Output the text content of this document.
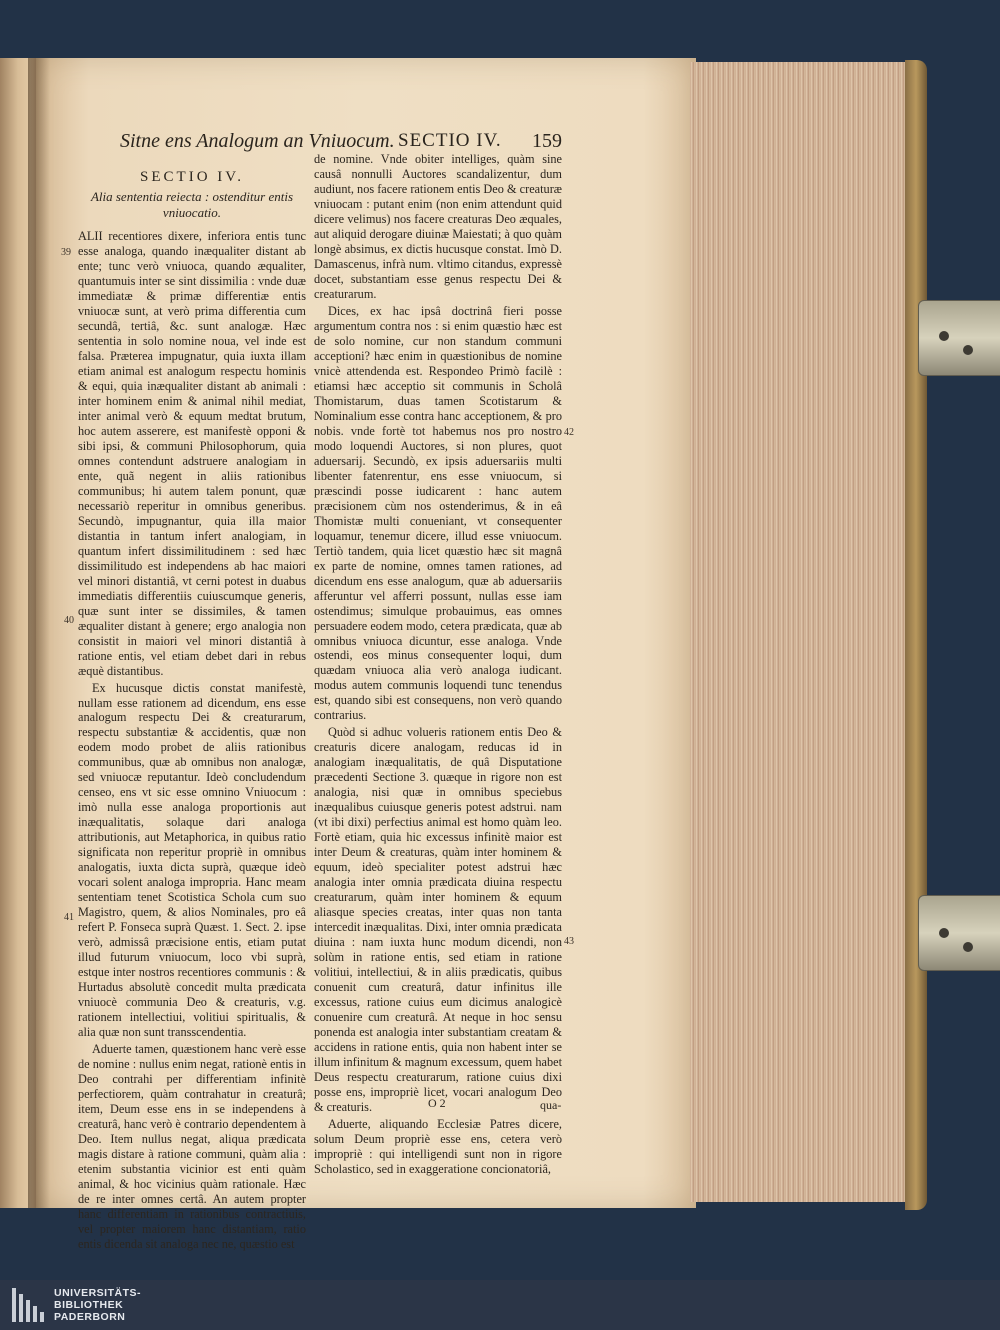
Sitne ens Analogum an Vniuocum. SECTIO IV. 159
SECTIO IV.
Alia sententia reiecta : ostenditur entis vniuocatio.

ALII recentiores dixere, inferiora entis tunc esse analoga, quando inæqualiter distant ab ente; tunc verò vniuoca, quando æqualiter, quantumuis inter se sint dissimilia : vnde duæ immediatæ & primæ differentiæ entis vniuocæ sunt, at verò prima differentia cum secundâ, tertiâ, &c. sunt analogæ. Hæc sententia in solo nomine noua, vel inde est falsa. Præterea impugnatur, quia iuxta illam etiam animal est analogum respectu hominis & equi, quia inæqualiter distant ab animali : inter hominem enim & animal nihil mediat, inter animal verò & equum medtat brutum, hoc autem asserere, est manifestè opponi & sibi ipsi, & communi Philosophorum, quia omnes contendunt adstruere analogiam in ente, quã negent in aliis rationibus communibus; hi autem talem ponunt, quæ necessariò reperitur in omnibus generibus. Secundò, impugnantur, quia illa maior distantia in tantum infert analogiam, in quantum infert dissimilitudinem : sed hæc dissimilitudo est independens ab hac maiori vel minori distantiâ, vt cerni potest in duabus immediatis differentiis cuiuscumque generis, quæ sunt inter se dissimiles, & tamen æqualiter distant à genere; ergo analogia non consistit in maiori vel minori distantiâ à ratione entis, vel etiam debet dari in rebus æquè distantibus.

Ex hucusque dictis constat manifestè, nullam esse rationem ad dicendum, ens esse analogum respectu Dei & creaturarum, respectu substantiæ & accidentis, quæ non eodem modo probet de aliis rationibus communibus, quæ ab omnibus non analogæ, sed vniuocæ reputantur. Ideò concludendum censeo, ens vt sic esse omnino Vniuocum : imò nulla esse analoga proportionis aut inæqualitatis, solaque dari analoga attributionis, aut Metaphorica, in quibus ratio significata non reperitur propriè in omnibus analogatis, iuxta dicta suprà, quæque ideò vocari solent analoga impropria. Hanc meam sententiam tenet Scotistica Schola cum suo Magistro, quem, & alios Nominales, pro eâ refert P. Fonseca suprà Quæst. 1. Sect. 2. ipse verò, admissâ præcisione entis, etiam putat illud futurum vniuocum, loco vbi suprà, estque inter nostros recentiores communis : & Hurtadus absolutè concedit multa prædicata vniuocè communia Deo & creaturis, v.g. rationem intellectiui, volitiui spiritualis, & alia quæ non sunt transscendentia.

Aduerte tamen, quæstionem hanc verè esse de nomine : nullus enim negat, rationè entis in Deo contrahi per differentiam infinitè perfectiorem, quàm contrahatur in creaturâ; item, Deum esse ens in se independens à creaturâ, hanc verò è contrario dependentem à Deo. Item nullus negat, aliqua prædicata magis distare à ratione communi, quàm alia : etenim substantia vicinior est enti quàm animal, & hoc vicinius quàm rationale. Hæc de re inter omnes certâ. An autem propter hanc differentiam in rationibus contractiuis, vel propter maiorem hanc distantiam, ratio entis dicenda sit analoga nec ne, quæstio est

de nomine. Vnde obiter intelliges, quàm sine causâ nonnulli Auctores scandalizentur, dum audiunt, nos facere rationem entis Deo & creaturæ vniuocam : putant enim (non enim attendunt quid dicere velimus) nos facere creaturas Deo æquales, aut aliquid derogare diuinæ Maiestati; à quo quàm longè absimus, ex dictis hucusque constat. Imò D. Damascenus, infrà num. vltimo citandus, expressè docet, substantiam esse genus respectu Dei & creaturarum.

Dices, ex hac ipsâ doctrinâ fieri posse argumentum contra nos : si enim quæstio hæc est de solo nomine, cur non standum communi acceptioni? hæc enim in quæstionibus de nomine vnicè attendenda est. Respondeo Primò facilè : etiamsi hæc acceptio sit communis in Scholâ Thomistarum, duas tamen Scotistarum & Nominalium esse contra hanc acceptionem, & pro nobis. vnde fortè tot habemus nos pro nostro modo loquendi Auctores, si non plures, quot aduersarij. Secundò, ex ipsis aduersariis multi libenter fatenrentur, ens esse vniuocum, si præscindi posse iudicarent : hanc autem præcisionem cùm nos ostenderimus, & in eâ Thomistæ multi conueniant, vt consequenter loquamur, tenemur dicere, illud esse vniuocum. Tertiò tandem, quia licet quæstio hæc sit magnâ ex parte de nomine, omnes tamen rationes, ad dicendum ens esse analogum, quæ ab aduersariis afferuntur vel afferri possunt, nullas esse iam ostendimus; simulque probauimus, eas omnes persuadere eodem modo, cetera prædicata, quæ ab omnibus vniuoca dicuntur, esse analoga. Vnde ostendi, eos minus consequenter loqui, dum quædam vniuoca alia verò analoga iudicant. modus autem communis loquendi tunc tenendus est, quando sibi est consequens, non verò quando contrarius.

Quòd si adhuc volueris rationem entis Deo & creaturis dicere analogam, reducas id in analogiam inæqualitatis, de quâ Disputatione præcedenti Sectione 3. quæque in rigore non est analogia, nisi quæ in omnibus speciebus inæqualibus cuiusque generis potest adstrui. nam (vt ibi dixi) perfectius animal est homo quàm leo. Fortè etiam, quia hic excessus infinitè maior est inter Deum & creaturas, quàm inter hominem & equum, ideò specialiter potest adstrui hæc analogia inter omnia prædicata diuina respectu creaturarum, quàm inter hominem & equum aliasque species creatas, inter quas non tanta intercedit inæqualitas. Dixi, inter omnia prædicata diuina : nam iuxta hunc modum dicendi, non solùm in ratione entis, sed etiam in ratione volitiui, intellectiui, & in aliis prædicatis, quibus conuenit cum creaturâ, datur infinitus ille excessus, ratione cuius eum dicimus analogicè conuenire cum creaturâ. At neque in hoc sensu ponenda est analogia inter substantiam creatam & accidens in ratione entis, quia non habent inter se illum infinitum & magnum excessum, quem habet Deus respectu creaturarum, ratione cuius dixi posse ens, impropriè licet, vocari analogum Deo & creaturis.

Aduerte, aliquando Ecclesiæ Patres dicere, solum Deum propriè esse ens, cetera verò impropriè : qui intelligendi sunt non in rigore Scholastico, sed in exaggeratione concionatoriâ,

39
40
41
42
43
O 2	qua-
UNIVERSITÄTS-
BIBLIOTHEK
PADERBORN
